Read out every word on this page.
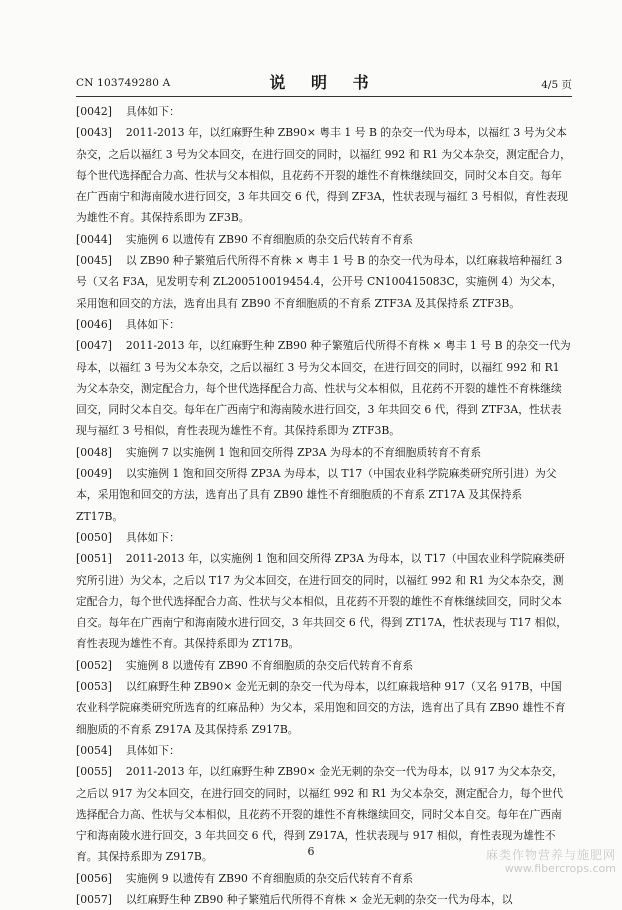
CN 103749280 A	说 明 书	4/5 页

[0042] 具体如下：

[0043] 2011-2013 年，以红麻野生种 ZB90× 粤丰 1 号 B 的杂交一代为母本，以福红 3 号为父本杂交，之后以福红 3 号为父本回交，在进行回交的同时，以福红 992 和 R1 为父本杂交，测定配合力，每个世代选择配合力高、性状与父本相似，且花药不开裂的雄性不育株继续回交，同时父本自交。每年在广西南宁和海南陵水进行回交，3 年共回交 6 代，得到 ZF3A，性状表现与福红 3 号相似，育性表现为雄性不育。其保持系即为 ZF3B。

[0044] 实施例 6 以遗传有 ZB90 不育细胞质的杂交后代转育不育系

[0045] 以 ZB90 种子繁殖后代所得不育株 × 粤丰 1 号 B 的杂交一代为母本，以红麻栽培种福红 3 号（又名 F3A，见发明专利 ZL200510019454.4，公开号 CN100415083C，实施例 4）为父本，采用饱和回交的方法，选育出具有 ZB90 不育细胞质的不育系 ZTF3A 及其保持系 ZTF3B。

[0046] 具体如下：

[0047] 2011-2013 年，以红麻野生种 ZB90 种子繁殖后代所得不育株 × 粤丰 1 号 B 的杂交一代为母本，以福红 3 号为父本杂交，之后以福红 3 号为父本回交，在进行回交的同时，以福红 992 和 R1 为父本杂交，测定配合力，每个世代选择配合力高、性状与父本相似，且花药不开裂的雄性不育株继续回交，同时父本自交。每年在广西南宁和海南陵水进行回交，3 年共回交 6 代，得到 ZTF3A，性状表现与福红 3 号相似，育性表现为雄性不育。其保持系即为 ZTF3B。

[0048] 实施例 7 以实施例 1 饱和回交所得 ZP3A 为母本的不育细胞质转育不育系

[0049] 以实施例 1 饱和回交所得 ZP3A 为母本，以 T17（中国农业科学院麻类研究所引进）为父本，采用饱和回交的方法，选育出了具有 ZB90 雄性不育细胞质的不育系 ZT17A 及其保持系 ZT17B。

[0050] 具体如下：

[0051] 2011-2013 年，以实施例 1 饱和回交所得 ZP3A 为母本，以 T17（中国农业科学院麻类研究所引进）为父本，之后以 T17 为父本回交，在进行回交的同时，以福红 992 和 R1 为父本杂交，测定配合力，每个世代选择配合力高、性状与父本相似，且花药不开裂的雄性不育株继续回交，同时父本自交。每年在广西南宁和海南陵水进行回交，3 年共回交 6 代，得到 ZT17A，性状表现与 T17 相似，育性表现为雄性不育。其保持系即为 ZT17B。

[0052] 实施例 8 以遗传有 ZB90 不育细胞质的杂交后代转育不育系

[0053] 以红麻野生种 ZB90× 金光无刺的杂交一代为母本，以红麻栽培种 917（又名 917B，中国农业科学院麻类研究所选育的红麻品种）为父本，采用饱和回交的方法，选育出了具有 ZB90 雄性不育细胞质的不育系 Z917A 及其保持系 Z917B。

[0054] 具体如下：

[0055] 2011-2013 年，以红麻野生种 ZB90× 金光无刺的杂交一代为母本，以 917 为父本杂交，之后以 917 为父本回交，在进行回交的同时，以福红 992 和 R1 为父本杂交，测定配合力，每个世代选择配合力高、性状与父本相似，且花药不开裂的雄性不育株继续回交，同时父本自交。每年在广西南宁和海南陵水进行回交，3 年共回交 6 代，得到 Z917A，性状表现与 917 相似，育性表现为雄性不育。其保持系即为 Z917B。

[0056] 实施例 9 以遗传有 ZB90 不育细胞质的杂交后代转育不育系

[0057] 以红麻野生种 ZB90 种子繁殖后代所得不育株 × 金光无刺的杂交一代为母本，以

6	麻类作物营养与施肥网
www.fibercrops.com
